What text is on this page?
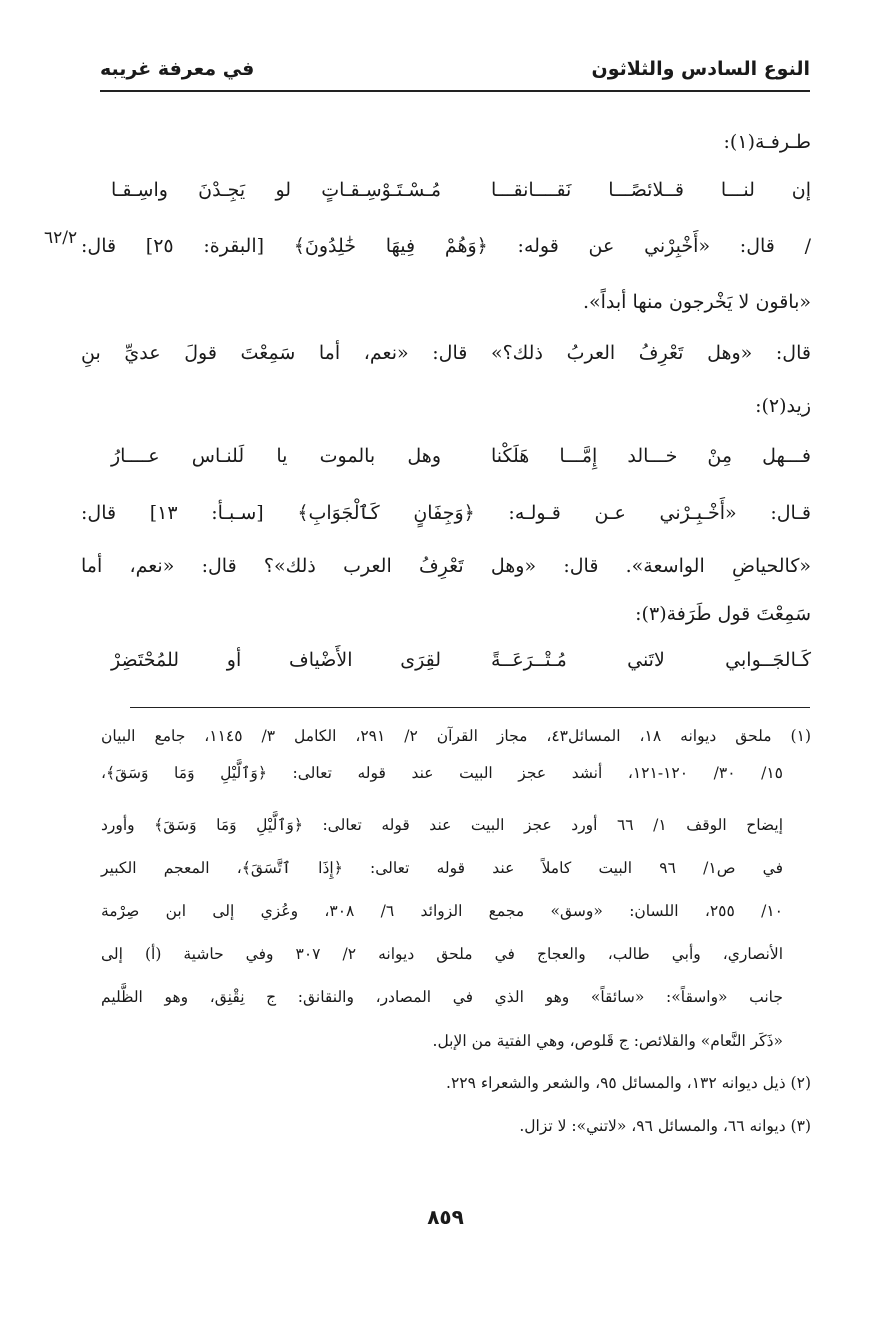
النوع السادس والثلاثون
في معرفة غريبه
طـرفـة(١):
إن لنـــا قــلائصًـــا نَقــــانقـــا
مُـسْـتَـوْسِـقـاتٍ لو يَجِـدْنَ واسِـقـا
/ قال: «أَخْبِرْني عن قوله: ﴿وَهُمْ فِيهَا خَٰلِدُونَ﴾ [البقرة: ٢٥] قال:
٦٢/٢
«باقون لا يَخْرجون منها أبداً».
قال: «وهل تَعْرِفُ العربُ ذلك؟» قال: «نعم، أما سَمِعْتَ قولَ عديِّ بنِ
زيد(٢):
فـــهل مِنْ خـــالد إِمَّـــا هَلَكْنا
وهل بالموت يا لَلنـاس عــــارُ
قـال: «أَخْـبِـرْني عـن قـولـه: ﴿وَجِفَانٍ كَٱلْجَوَابِ﴾ [سـبـأ: ١٣] قال:
«كالحياضِ الواسعة». قال: «وهل تَعْرِفُ العرب ذلك»؟ قال: «نعم، أما
سَمِعْتَ قول طَرَفة(٣):
كَـالجَــوابي لاتَني مُـتْــرَعَــةً
لقِرَى الأَضْياف أو للمُحْتَضِرْ
(١) ملحق ديوانه ١٨، المسائل٤٣، مجاز القرآن ٢/ ٢٩١، الكامل ٣/ ١١٤٥، جامع البيان
١٥/ ٣٠/ ١٢٠-١٢١، أنشد عجز البيت عند قوله تعالى: ﴿وَٱلَّيْلِ وَمَا وَسَقَ﴾،
إيضاح الوقف ١/ ٦٦ أورد عجز البيت عند قوله تعالى: ﴿وَٱلَّيْلِ وَمَا وَسَقَ﴾ وأورد
في ص١/ ٩٦ البيت كاملاً عند قوله تعالى: ﴿إِذَا ٱتَّسَقَ﴾، المعجم الكبير
١٠/ ٢٥٥، اللسان: «وسق» مجمع الزوائد ٦/ ٣٠٨، وعُزي إلى ابن صِرْمة
الأنصاري، وأبي طالب، والعجاج في ملحق ديوانه ٢/ ٣٠٧ وفي حاشية (أ) إلى
جانب «واسقاً»: «سائقاً» وهو الذي في المصادر، والنقانق: ج نِقْنِق، وهو الظَّليم
«ذَكَر النَّعام» والقلائص: ج قَلوص، وهي الفتية من الإبل.
(٢) ذيل ديوانه ١٣٢، والمسائل ٩٥، والشعر والشعراء ٢٢٩.
(٣) ديوانه ٦٦، والمسائل ٩٦، «لاتني»: لا تزال.
٨٥٩
